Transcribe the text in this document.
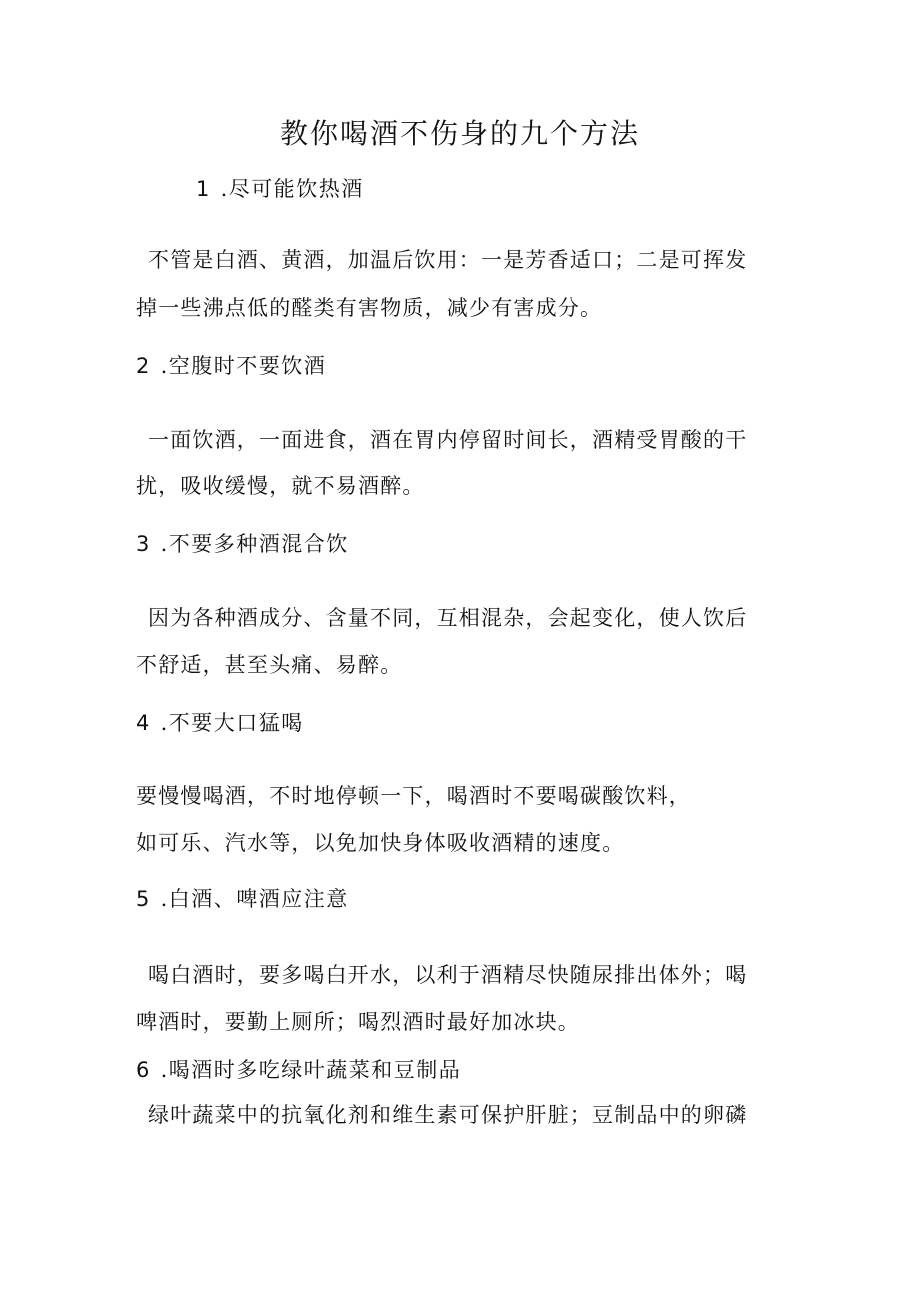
教你喝酒不伤身的九个方法
1 .尽可能饮热酒
不管是白酒、黄酒，加温后饮用：一是芳香适口；二是可挥发
掉一些沸点低的醛类有害物质，减少有害成分。
2 .空腹时不要饮酒
一面饮酒，一面进食，酒在胃内停留时间长，酒精受胃酸的干
扰，吸收缓慢，就不易酒醉。
3 .不要多种酒混合饮
因为各种酒成分、含量不同，互相混杂，会起变化，使人饮后
不舒适，甚至头痛、易醉。
4 .不要大口猛喝
要慢慢喝酒，不时地停顿一下，喝酒时不要喝碳酸饮料，
如可乐、汽水等，以免加快身体吸收酒精的速度。
5 .白酒、啤酒应注意
喝白酒时，要多喝白开水，以利于酒精尽快随尿排出体外；喝
啤酒时，要勤上厕所；喝烈酒时最好加冰块。
6 .喝酒时多吃绿叶蔬菜和豆制品
绿叶蔬菜中的抗氧化剂和维生素可保护肝脏；豆制品中的卵磷
